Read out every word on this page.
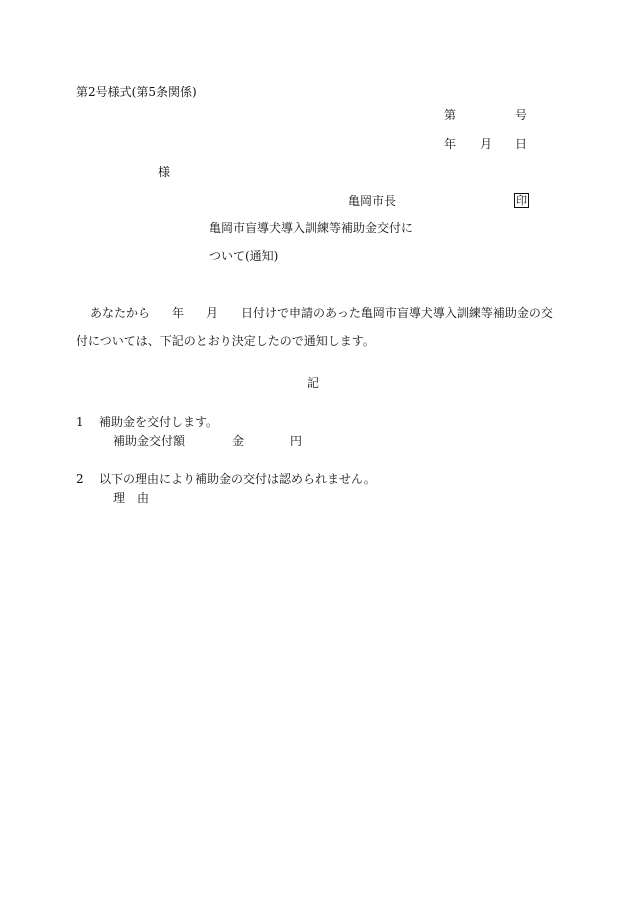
第2号様式(第5条関係)
第	号
年 月 日
様
亀岡市長	印
亀岡市盲導犬導入訓練等補助金交付に
ついて(通知)
あなたから 年 月 日付けで申請のあった亀岡市盲導犬導入訓練等補助金の交
付については、下記のとおり決定したので通知します。
記
1 補助金を交付します。
補助金交付額	金	円
2 以下の理由により補助金の交付は認められません。
理　由
